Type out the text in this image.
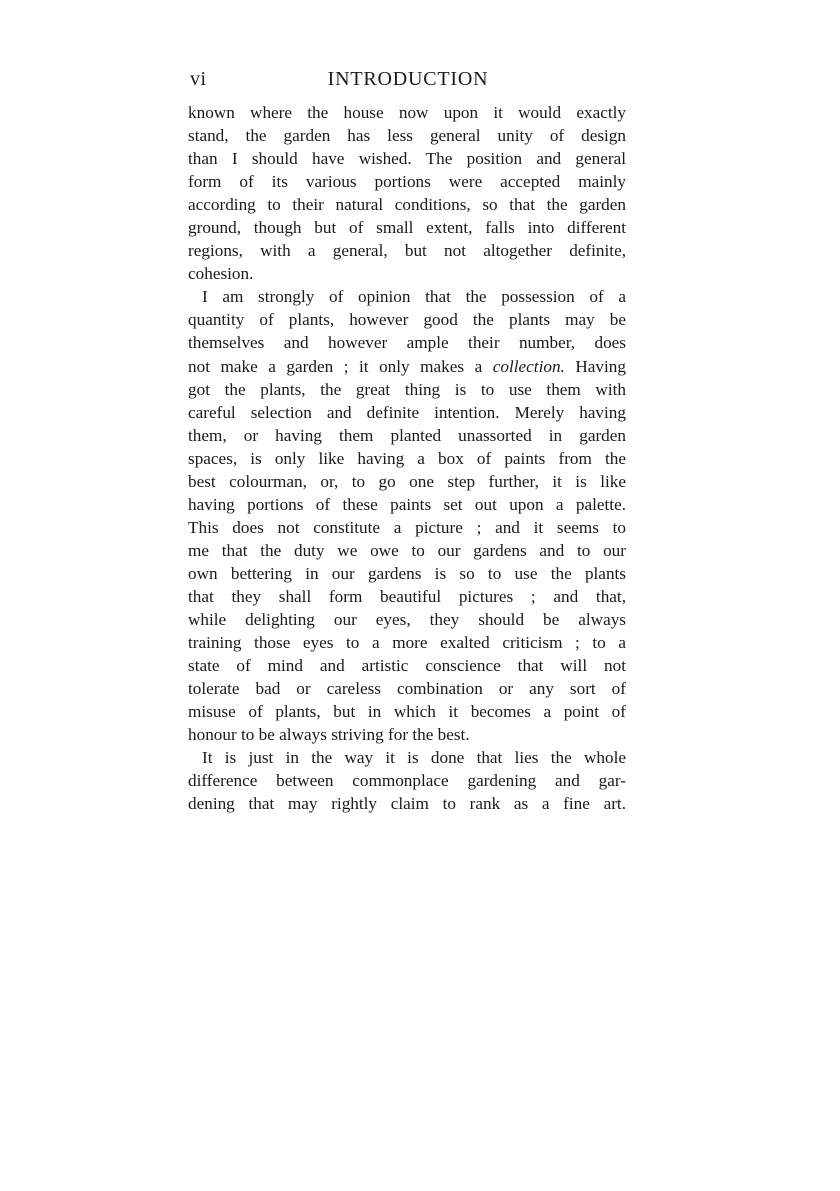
vi	INTRODUCTION
known where the house now upon it would exactly
stand, the garden has less general unity of design
than I should have wished. The position and general
form of its various portions were accepted mainly
according to their natural conditions, so that the garden
ground, though but of small extent, falls into different
regions, with a general, but not altogether definite,
cohesion.
I am strongly of opinion that the possession of a
quantity of plants, however good the plants may be
themselves and however ample their number, does
not make a garden ; it only makes a collection. Having
got the plants, the great thing is to use them with
careful selection and definite intention. Merely having
them, or having them planted unassorted in garden
spaces, is only like having a box of paints from the
best colourman, or, to go one step further, it is like
having portions of these paints set out upon a palette.
This does not constitute a picture ; and it seems to
me that the duty we owe to our gardens and to our
own bettering in our gardens is so to use the plants
that they shall form beautiful pictures ; and that,
while delighting our eyes, they should be always
training those eyes to a more exalted criticism ; to a
state of mind and artistic conscience that will not
tolerate bad or careless combination or any sort of
misuse of plants, but in which it becomes a point of
honour to be always striving for the best.
It is just in the way it is done that lies the whole
difference between commonplace gardening and gar-
dening that may rightly claim to rank as a fine art.
